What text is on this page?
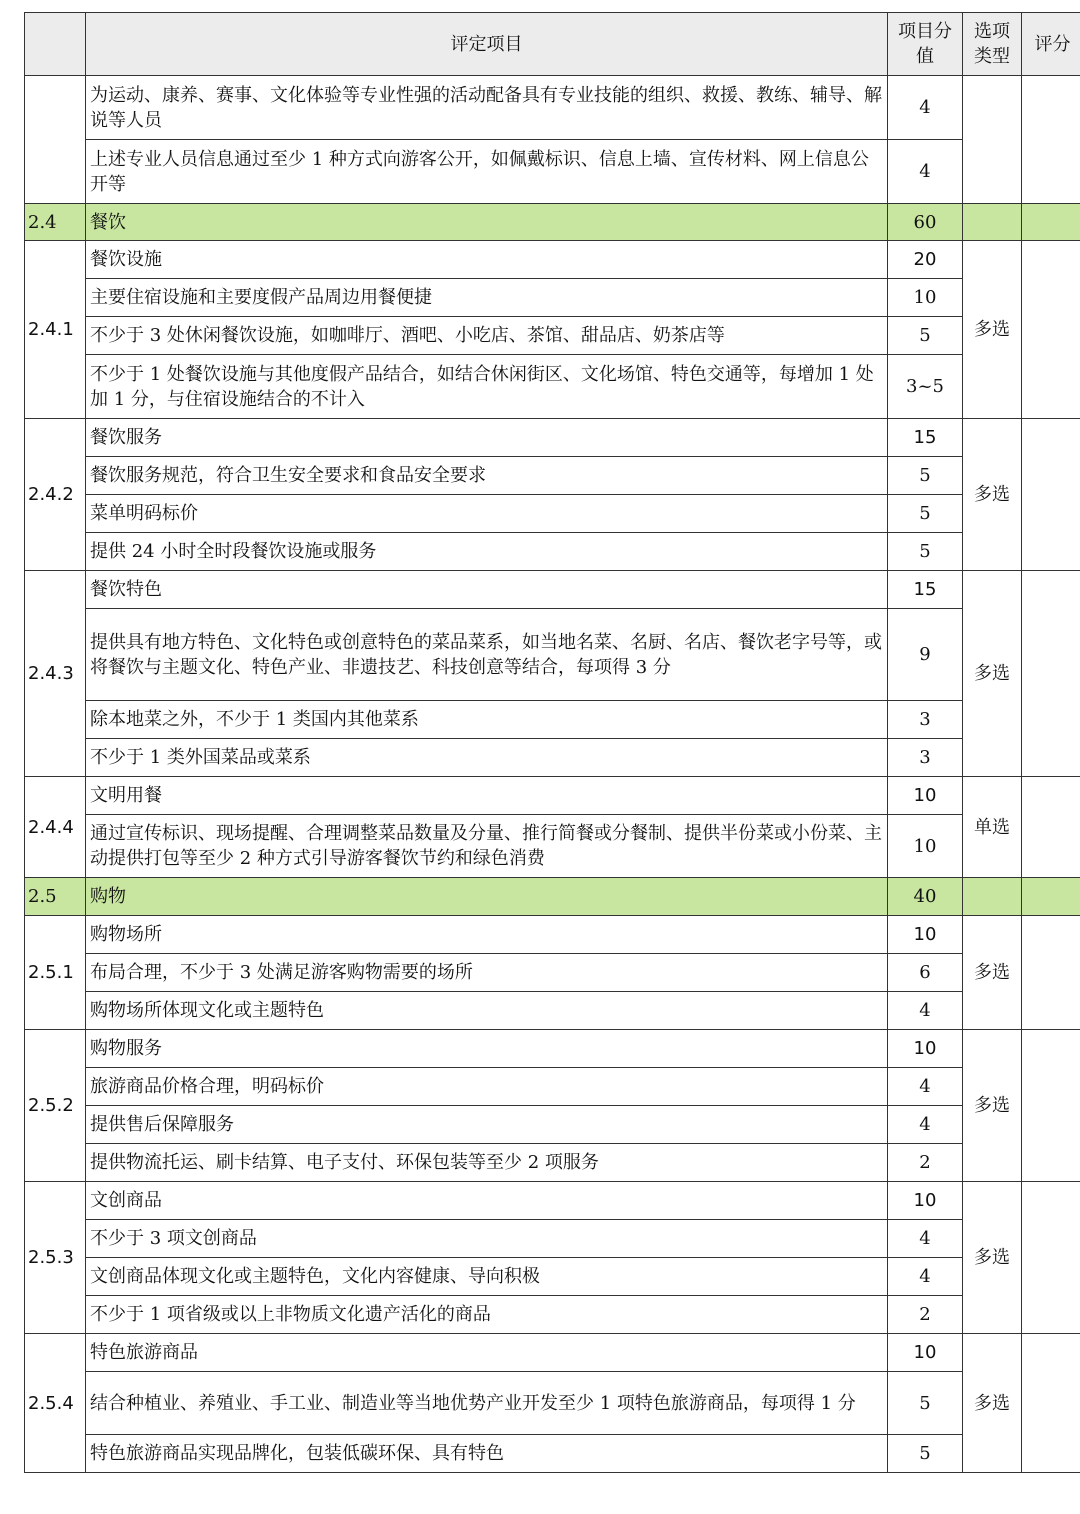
	评定项目	项目分值	选项类型	评分
	为运动、康养、赛事、文化体验等专业性强的活动配备具有专业技能的组织、救援、教练、辅导、解说等人员	4		
	上述专业人员信息通过至少 1 种方式向游客公开，如佩戴标识、信息上墙、宣传材料、网上信息公开等	4		
2.4	餐饮	60		
2.4.1	餐饮设施	20	多选	
	主要住宿设施和主要度假产品周边用餐便捷	10		
	不少于 3 处休闲餐饮设施，如咖啡厅、酒吧、小吃店、茶馆、甜品店、奶茶店等	5		
	不少于 1 处餐饮设施与其他度假产品结合，如结合休闲街区、文化场馆、特色交通等，每增加 1 处加 1 分，与住宿设施结合的不计入	3~5		
2.4.2	餐饮服务	15	多选	
	餐饮服务规范，符合卫生安全要求和食品安全要求	5		
	菜单明码标价	5		
	提供 24 小时全时段餐饮设施或服务	5		
2.4.3	餐饮特色	15	多选	
	提供具有地方特色、文化特色或创意特色的菜品菜系，如当地名菜、名厨、名店、餐饮老字号等，或将餐饮与主题文化、特色产业、非遗技艺、科技创意等结合，每项得 3 分	9		
	除本地菜之外，不少于 1 类国内其他菜系	3		
	不少于 1 类外国菜品或菜系	3		
2.4.4	文明用餐	10	单选	
	通过宣传标识、现场提醒、合理调整菜品数量及分量、推行简餐或分餐制、提供半份菜或小份菜、主动提供打包等至少 2 种方式引导游客餐饮节约和绿色消费	10		
2.5	购物	40		
2.5.1	购物场所	10	多选	
	布局合理，不少于 3 处满足游客购物需要的场所	6		
	购物场所体现文化或主题特色	4		
2.5.2	购物服务	10	多选	
	旅游商品价格合理，明码标价	4		
	提供售后保障服务	4		
	提供物流托运、刷卡结算、电子支付、环保包装等至少 2 项服务	2		
2.5.3	文创商品	10	多选	
	不少于 3 项文创商品	4		
	文创商品体现文化或主题特色，文化内容健康、导向积极	4		
	不少于 1 项省级或以上非物质文化遗产活化的商品	2		
2.5.4	特色旅游商品	10	多选	
	结合种植业、养殖业、手工业、制造业等当地优势产业开发至少 1 项特色旅游商品，每项得 1 分	5		
	特色旅游商品实现品牌化，包装低碳环保、具有特色	5		
